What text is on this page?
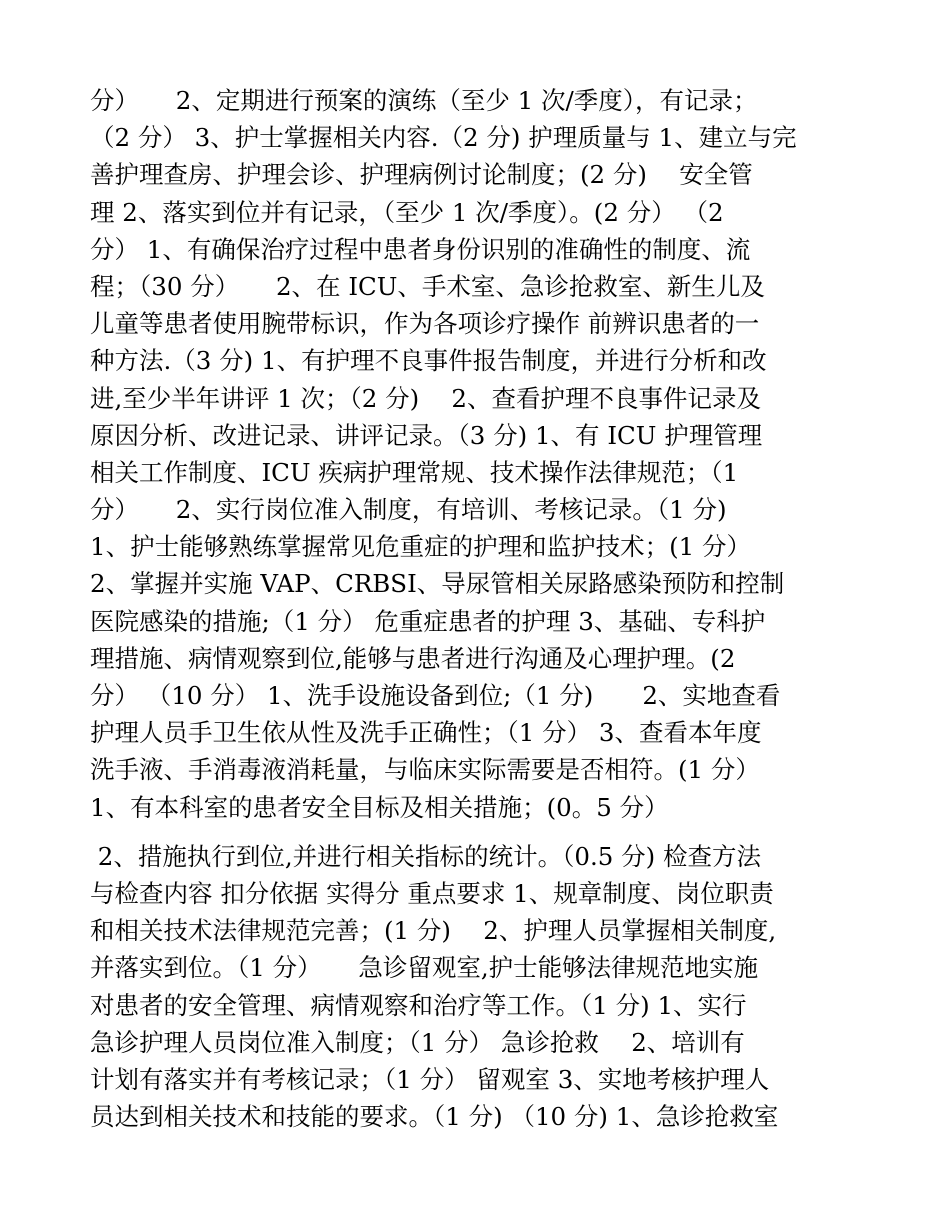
分）　　2、定期进行预案的演练（至少 1 次/季度），有记录；
（2 分） 3、护士掌握相关内容.（2 分) 护理质量与 1、建立与完
善护理查房、护理会诊、护理病例讨论制度；(2 分)　 安全管
理 2、落实到位并有记录，（至少 1 次/季度）。(2 分） （2
分） 1、有确保治疗过程中患者身份识别的准确性的制度、流
程；（30 分）　　2、在 ICU、手术室、急诊抢救室、新生儿及
儿童等患者使用腕带标识，作为各项诊疗操作 前辨识患者的一
种方法.（3 分) 1、有护理不良事件报告制度，并进行分析和改
进,至少半年讲评 1 次；（2 分)　 2、查看护理不良事件记录及
原因分析、改进记录、讲评记录。（3 分) 1、有 ICU 护理管理
相关工作制度、ICU 疾病护理常规、技术操作法律规范；（1
分）　　2、实行岗位准入制度，有培训、考核记录。（1 分)
1、护士能够熟练掌握常见危重症的护理和监护技术；(1 分）
2、掌握并实施 VAP、CRBSI、导尿管相关尿路感染预防和控制
医院感染的措施;（1 分） 危重症患者的护理 3、基础、专科护
理措施、病情观察到位,能够与患者进行沟通及心理护理。(2
分） （10 分） 1、洗手设施设备到位;（1 分)　　2、实地查看
护理人员手卫生依从性及洗手正确性；（1 分） 3、查看本年度
洗手液、手消毒液消耗量，与临床实际需要是否相符。(1 分）
1、有本科室的患者安全目标及相关措施；(0。5 分）
2、措施执行到位,并进行相关指标的统计。（0.5 分) 检查方法
与检查内容 扣分依据 实得分 重点要求 1、规章制度、岗位职责
和相关技术法律规范完善；(1 分)　 2、护理人员掌握相关制度,
并落实到位。（1 分）　　急诊留观室,护士能够法律规范地实施
对患者的安全管理、病情观察和治疗等工作。（1 分) 1、实行
急诊护理人员岗位准入制度；（1 分） 急诊抢救　 2、培训有
计划有落实并有考核记录；（1 分） 留观室 3、实地考核护理人
员达到相关技术和技能的要求。（1 分) （10 分) 1、急诊抢救室
